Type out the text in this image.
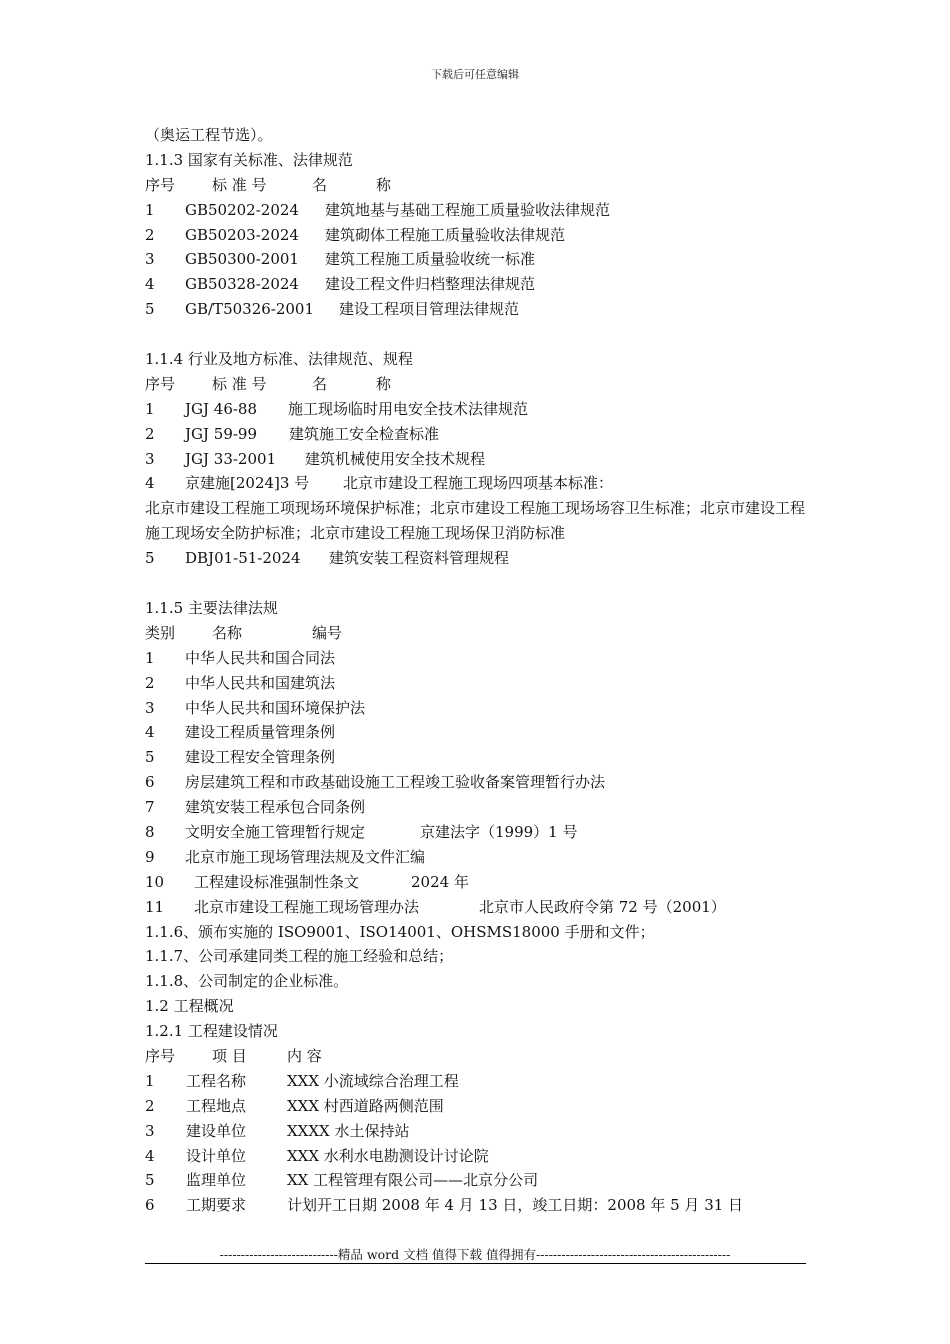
下载后可任意编辑
（奥运工程节选）。
1.1.3 国家有关标准、法律规范
序号 标 准 号	名	称
1 GB50202-2024 建筑地基与基础工程施工质量验收法律规范
2 GB50203-2024 建筑砌体工程施工质量验收法律规范
3 GB50300-2001 建筑工程施工质量验收统一标准
4 GB50328-2024 建设工程文件归档整理法律规范
5 GB/T50326-2001 建设工程项目管理法律规范
1.1.4 行业及地方标准、法律规范、规程
序号 标 准 号	名	称
1 JGJ 46-88 施工现场临时用电安全技术法律规范
2 JGJ 59-99 建筑施工安全检查标准
3 JGJ 33-2001 建筑机械使用安全技术规程
4 京建施[2024]3 号 北京市建设工程施工现场四项基本标准：
北京市建设工程施工项现场环境保护标准；北京市建设工程施工现场场容卫生标准；北京市建设工程施工现场安全防护标准；北京市建设工程施工现场保卫消防标准
5 DBJ01-51-2024 建筑安装工程资料管理规程
1.1.5 主要法律法规
类别 名称	编号
1 中华人民共和国合同法
2 中华人民共和国建筑法
3 中华人民共和国环境保护法
4 建设工程质量管理条例
5 建设工程安全管理条例
6 房层建筑工程和市政基础设施工工程竣工验收备案管理暂行办法
7 建筑安装工程承包合同条例
8 文明安全施工管理暂行规定	京建法字（1999）1 号
9 北京市施工现场管理法规及文件汇编
10 工程建设标准强制性条文	2024 年
11 北京市建设工程施工现场管理办法	北京市人民政府令第 72 号（2001）
1.1.6、颁布实施的 ISO9001、ISO14001、OHSMS18000 手册和文件；
1.1.7、公司承建同类工程的施工经验和总结；
1.1.8、公司制定的企业标准。
1.2 工程概况
1.2.1 工程建设情况
序号 项 目	内 容
1 工程名称	XXX 小流域综合治理工程
2 工程地点	XXX 村西道路两侧范围
3 建设单位	XXXX 水土保持站
4 设计单位	XXX 水利水电勘测设计讨论院
5 监理单位	XX 工程管理有限公司——北京分公司
6 工期要求	计划开工日期 2008 年 4 月 13 日，竣工日期：2008 年 5 月 31 日
----------------------------精品 word 文档 值得下载 值得拥有----------------------------------------------
